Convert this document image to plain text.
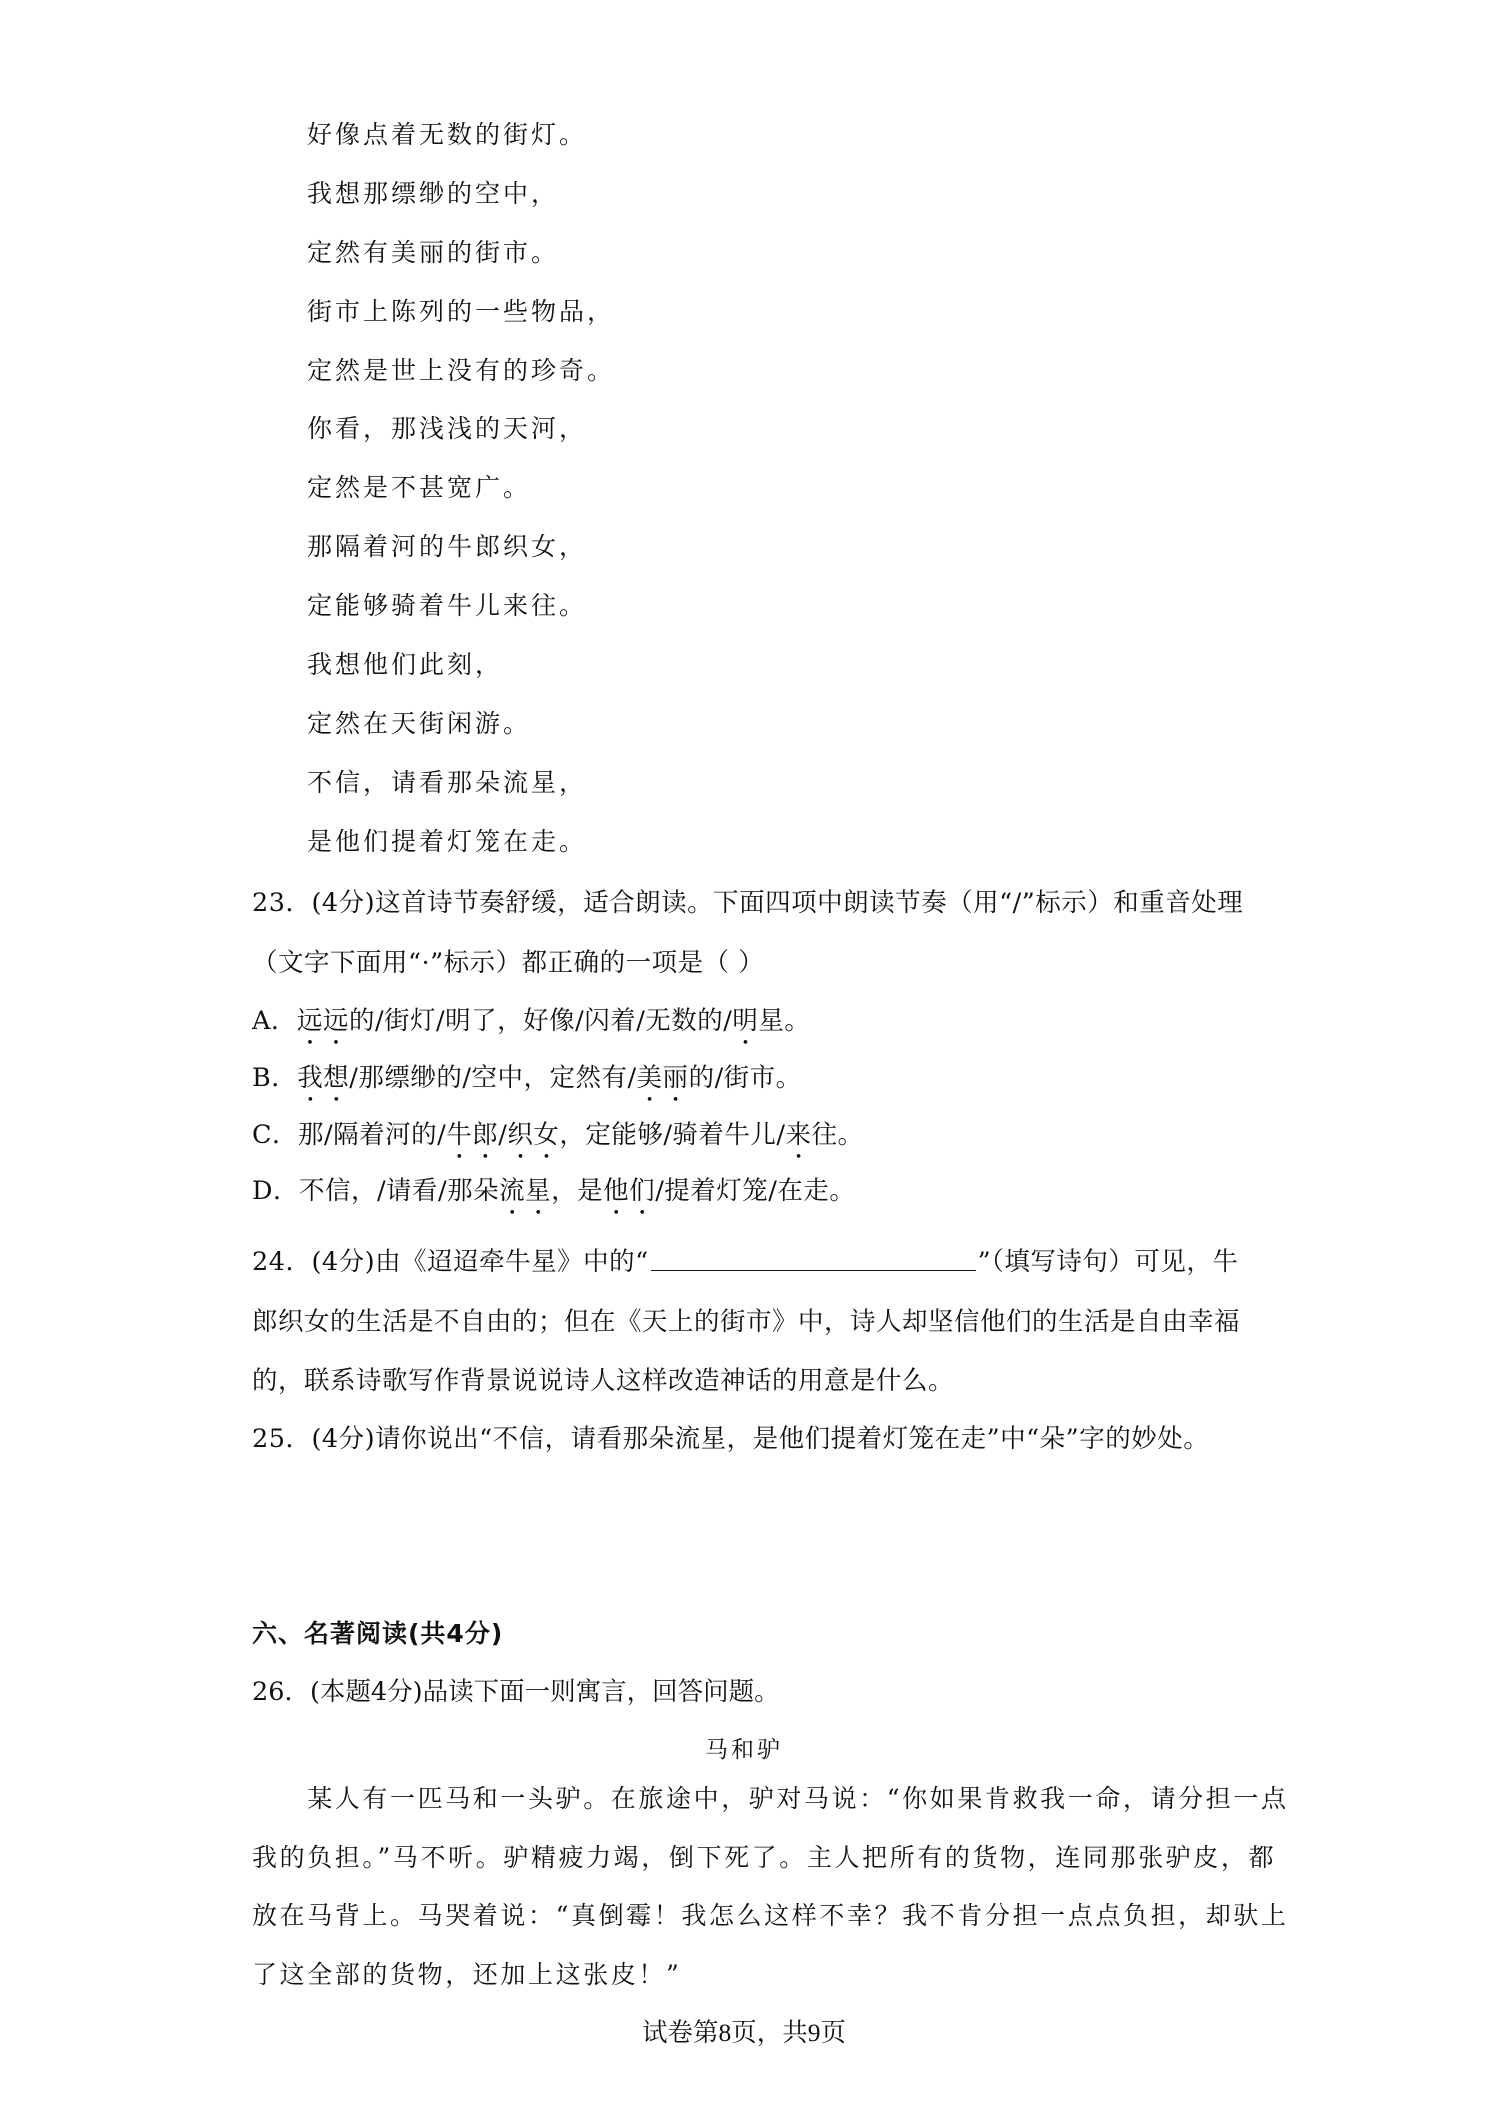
好像点着无数的街灯。
我想那缥缈的空中，
定然有美丽的街市。
街市上陈列的一些物品，
定然是世上没有的珍奇。
你看，那浅浅的天河，
定然是不甚宽广。
那隔着河的牛郎织女，
定能够骑着牛儿来往。
我想他们此刻，
定然在天街闲游。
不信，请看那朵流星，
是他们提着灯笼在走。
23．(4分)这首诗节奏舒缓，适合朗读。下面四项中朗读节奏（用“/”标示）和重音处理
（文字下面用“·”标示）都正确的一项是（ ）
A．远远的/街灯/明了，好像/闪着/无数的/明星。
B．我想/那缥缈的/空中，定然有/美丽的/街市。
C．那/隔着河的/牛郎/织女，定能够/骑着牛儿/来往。
D．不信，/请看/那朵流星，是他们/提着灯笼/在走。
24．(4分)由《迢迢牵牛星》中的“	”（填写诗句）可见，牛
郎织女的生活是不自由的；但在《天上的街市》中，诗人却坚信他们的生活是自由幸福
的，联系诗歌写作背景说说诗人这样改造神话的用意是什么。
25．(4分)请你说出“不信，请看那朵流星，是他们提着灯笼在走”中“朵”字的妙处。
六、名著阅读(共4分)
26．(本题4分)品读下面一则寓言，回答问题。
马和驴
　　某人有一匹马和一头驴。在旅途中，驴对马说：“你如果肯救我一命，请分担一点
我的负担。”马不听。驴精疲力竭，倒下死了。主人把所有的货物，连同那张驴皮，都
放在马背上。马哭着说：“真倒霉！我怎么这样不幸？我不肯分担一点点负担，却驮上
了这全部的货物，还加上这张皮！”
试卷第8页，共9页
